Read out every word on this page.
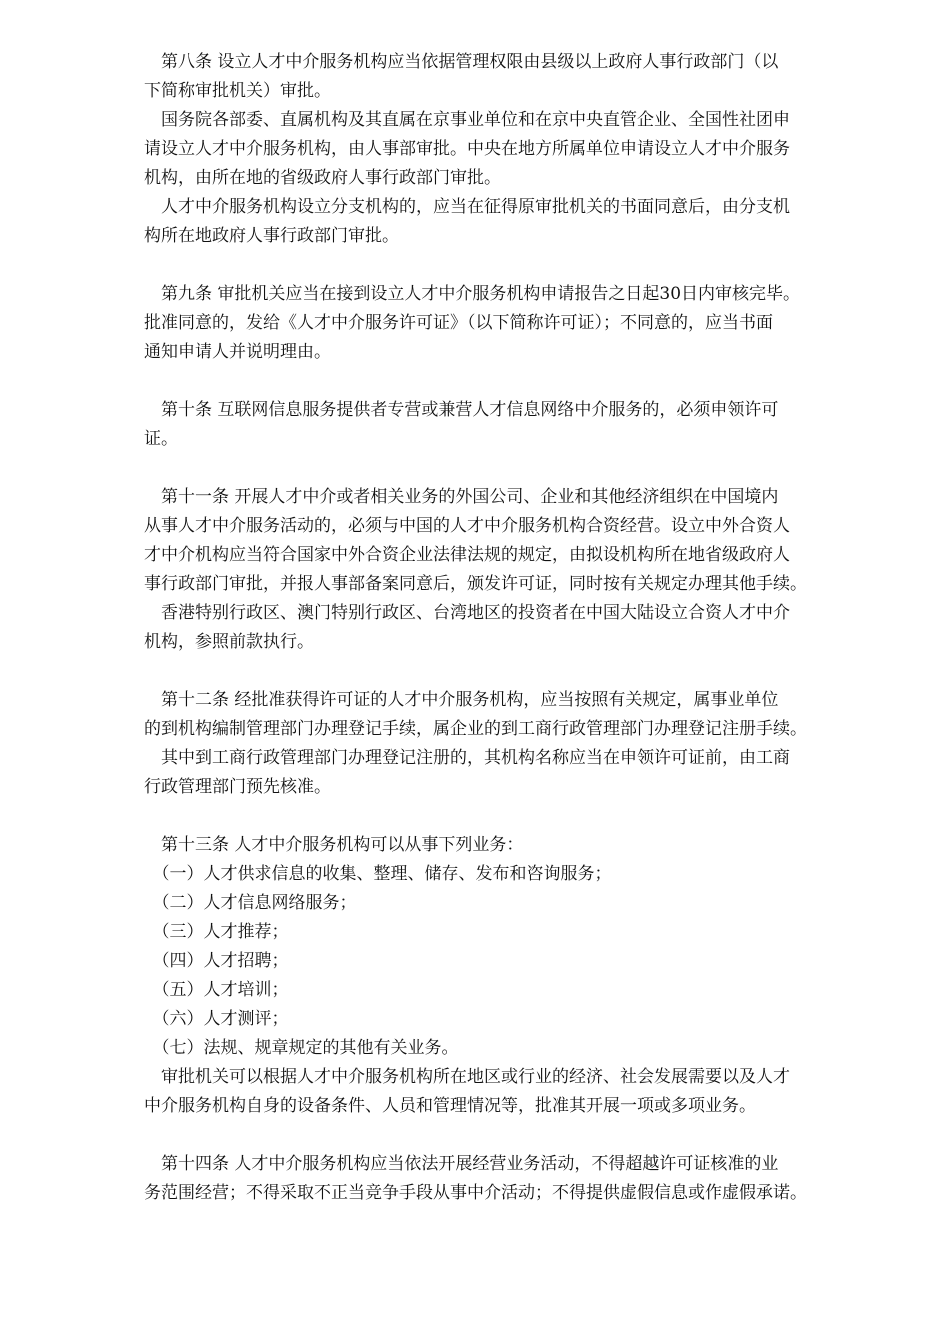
　第八条 设立人才中介服务机构应当依据管理权限由县级以上政府人事行政部门（以
下简称审批机关）审批。

　国务院各部委、直属机构及其直属在京事业单位和在京中央直管企业、全国性社团申
请设立人才中介服务机构，由人事部审批。中央在地方所属单位申请设立人才中介服务
机构，由所在地的省级政府人事行政部门审批。

　人才中介服务机构设立分支机构的，应当在征得原审批机关的书面同意后，由分支机
构所在地政府人事行政部门审批。

　第九条 审批机关应当在接到设立人才中介服务机构申请报告之日起30日内审核完毕。
批准同意的，发给《人才中介服务许可证》（以下简称许可证）；不同意的，应当书面
通知申请人并说明理由。

　第十条 互联网信息服务提供者专营或兼营人才信息网络中介服务的，必须申领许可
证。

　第十一条 开展人才中介或者相关业务的外国公司、企业和其他经济组织在中国境内
从事人才中介服务活动的，必须与中国的人才中介服务机构合资经营。设立中外合资人
才中介机构应当符合国家中外合资企业法律法规的规定，由拟设机构所在地省级政府人
事行政部门审批，并报人事部备案同意后，颁发许可证，同时按有关规定办理其他手续。

　香港特别行政区、澳门特别行政区、台湾地区的投资者在中国大陆设立合资人才中介
机构，参照前款执行。

　第十二条 经批准获得许可证的人才中介服务机构，应当按照有关规定，属事业单位
的到机构编制管理部门办理登记手续，属企业的到工商行政管理部门办理登记注册手续。

　其中到工商行政管理部门办理登记注册的，其机构名称应当在申领许可证前，由工商
行政管理部门预先核准。

　第十三条 人才中介服务机构可以从事下列业务：

　（一）人才供求信息的收集、整理、储存、发布和咨询服务；

　（二）人才信息网络服务；

　（三）人才推荐；

　（四）人才招聘；

　（五）人才培训；

　（六）人才测评；

　（七）法规、规章规定的其他有关业务。

　审批机关可以根据人才中介服务机构所在地区或行业的经济、社会发展需要以及人才
中介服务机构自身的设备条件、人员和管理情况等，批准其开展一项或多项业务。

　第十四条 人才中介服务机构应当依法开展经营业务活动，不得超越许可证核准的业
务范围经营；不得采取不正当竞争手段从事中介活动；不得提供虚假信息或作虚假承诺。
